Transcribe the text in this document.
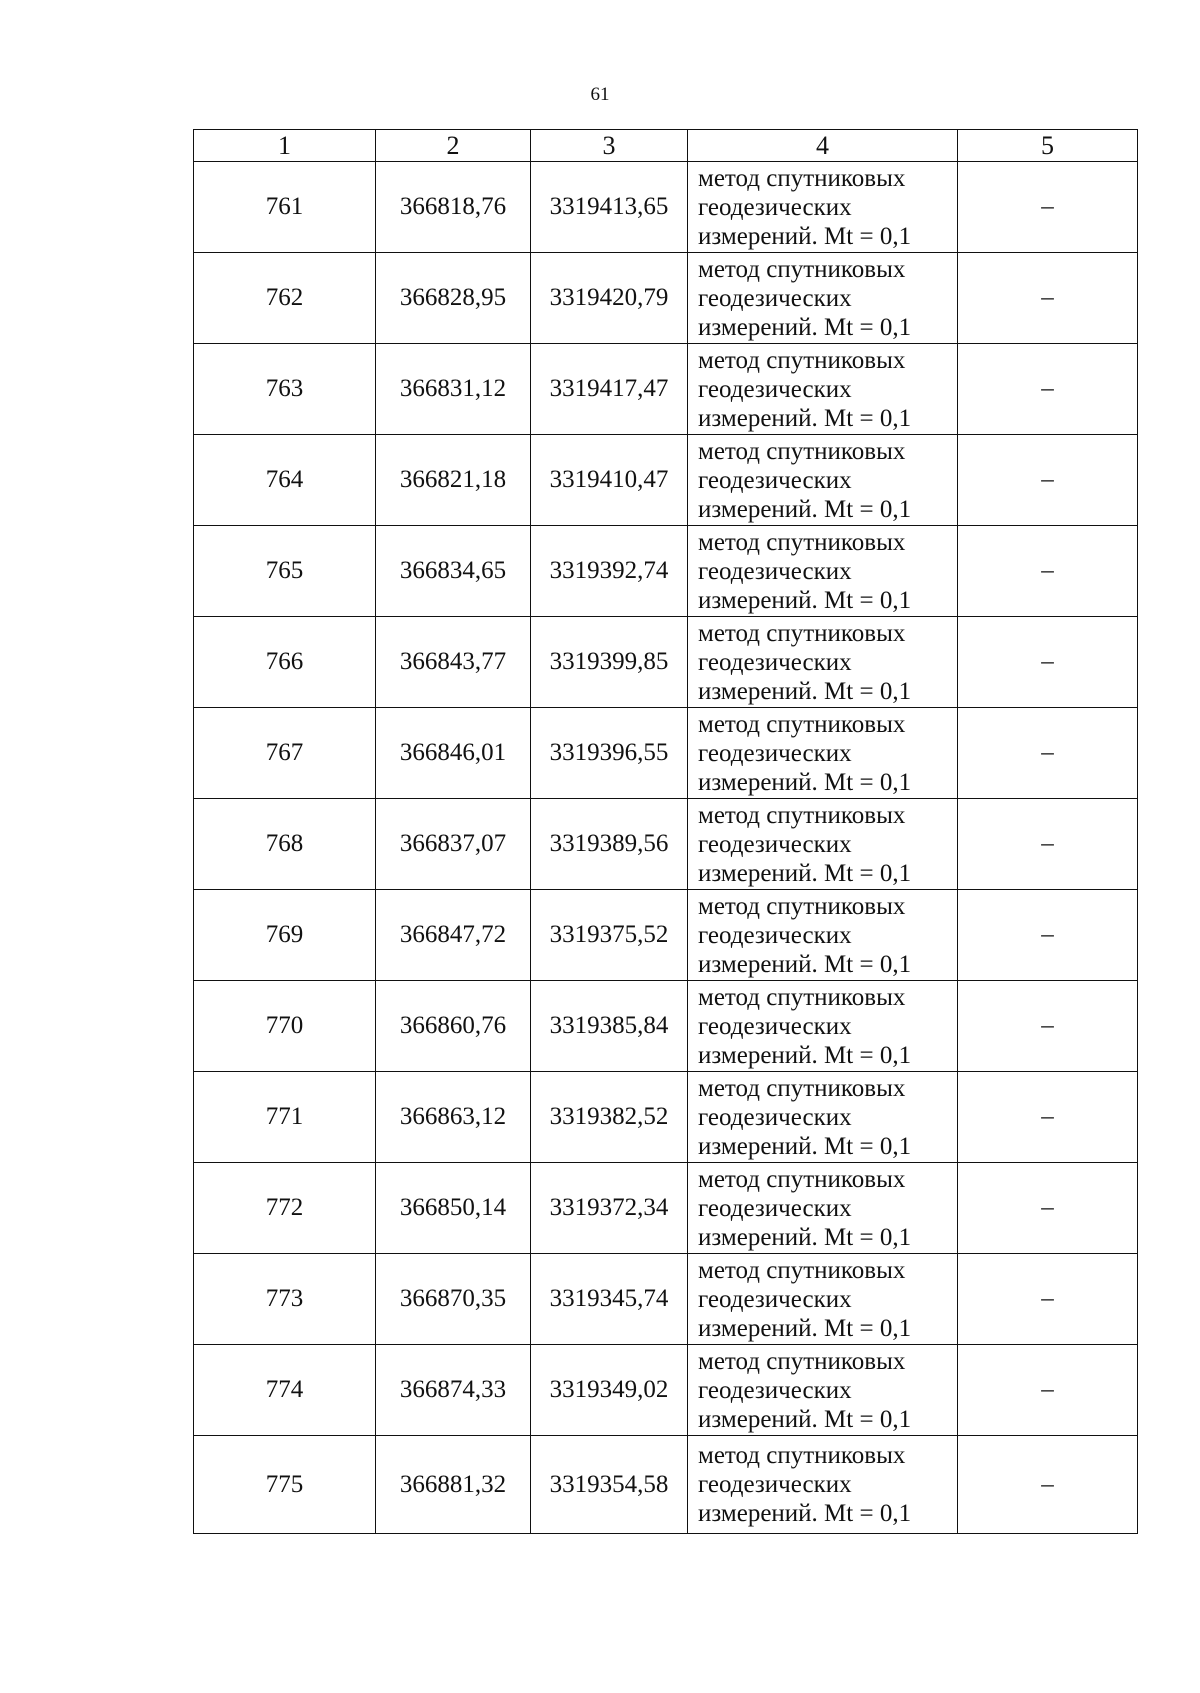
61
1	2	3	4	5
761	366818,76	3319413,65	метод спутниковых
геодезических
измерений. Mt = 0,1	–
762	366828,95	3319420,79	метод спутниковых
геодезических
измерений. Mt = 0,1	–
763	366831,12	3319417,47	метод спутниковых
геодезических
измерений. Mt = 0,1	–
764	366821,18	3319410,47	метод спутниковых
геодезических
измерений. Mt = 0,1	–
765	366834,65	3319392,74	метод спутниковых
геодезических
измерений. Mt = 0,1	–
766	366843,77	3319399,85	метод спутниковых
геодезических
измерений. Mt = 0,1	–
767	366846,01	3319396,55	метод спутниковых
геодезических
измерений. Mt = 0,1	–
768	366837,07	3319389,56	метод спутниковых
геодезических
измерений. Mt = 0,1	–
769	366847,72	3319375,52	метод спутниковых
геодезических
измерений. Mt = 0,1	–
770	366860,76	3319385,84	метод спутниковых
геодезических
измерений. Mt = 0,1	–
771	366863,12	3319382,52	метод спутниковых
геодезических
измерений. Mt = 0,1	–
772	366850,14	3319372,34	метод спутниковых
геодезических
измерений. Mt = 0,1	–
773	366870,35	3319345,74	метод спутниковых
геодезических
измерений. Mt = 0,1	–
774	366874,33	3319349,02	метод спутниковых
геодезических
измерений. Mt = 0,1	–
775	366881,32	3319354,58	метод спутниковых
геодезических
измерений. Mt = 0,1	–
